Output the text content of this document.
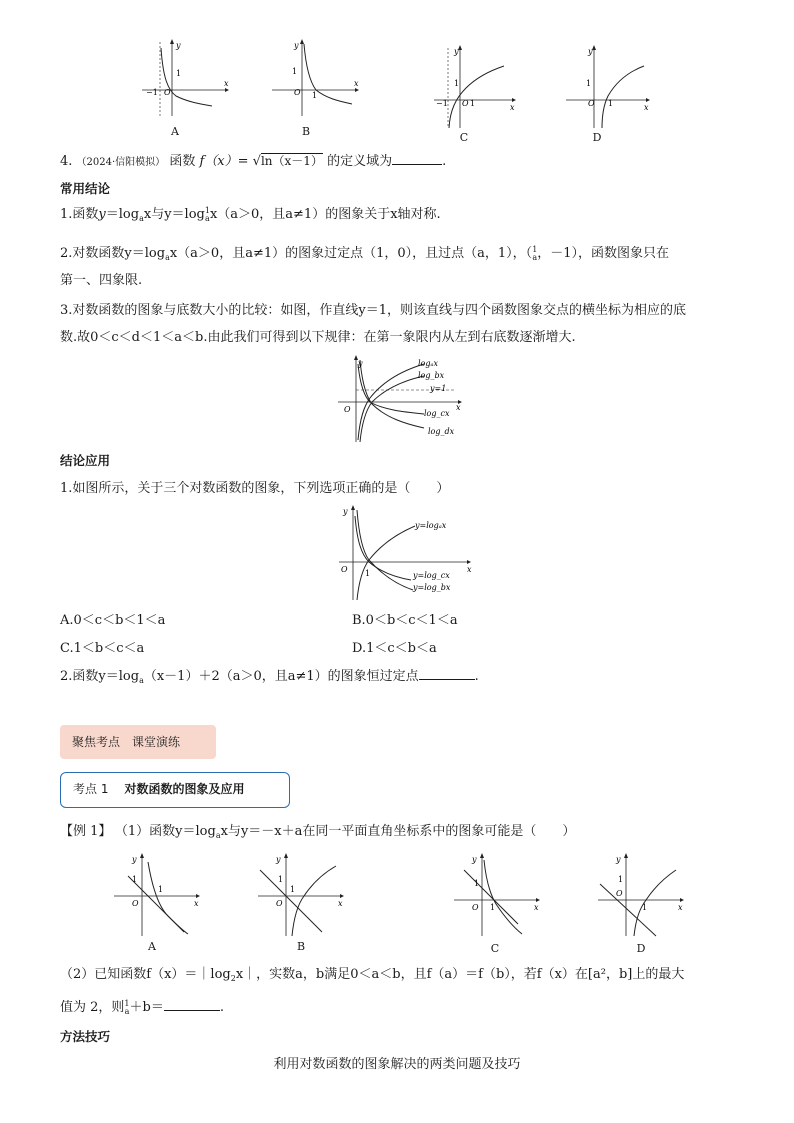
y
x
O
1
−1
A
y
x
O
1
1
B
y
x
O
1
−1	1
C
y
x
O
1
1
D
4. （2024·信阳模拟） 函数 f（x）= √ln（x－1） 的定义域为	.
常用结论
1.函数$y=\log_ax$与y＝log1
ax（a＞0，且a≠1）的图象关于x轴对称.
2.对数函数$y=\log_ax(a>0$，且a≠1）的图象过定点（1，0），且过点（a，1），（1
a，－1），函数图象只在
第一、四象限.
3.对数函数的图象与底数大小的比较：如图，作直线y＝1，则该直线与四个函数图象交点的横坐标为相应的底
数.故0＜c＜d＜1＜a＜b.由此我们可得到以下规律：在第一象限内从左到右底数逐渐增大.
y
x
O
logₐx
log_bx
y=1
log_cx
log_dx
结论应用
1.如图所示，关于三个对数函数的图象，下列选项正确的是（　　）
y
x
O 1
y=logₐx
y=log_cx
y=log_bx
A.0＜c＜b＜1＜a	B.0＜b＜c＜1＜a
C.1＜b＜c＜a	D.1＜c＜b＜a
2.函数$y=\log_a(x-1)+2(a>0$，且a≠1）的图象恒过定点	.
聚焦考点　课堂演练
考点 1 对数函数的图象及应用
【例 1】 （1）函数$y=\log_ax$与y＝－x＋a在同一平面直角坐标系中的图象可能是（　　）
y
x
O
1
1
A
y
x
O
1
1
B
y
x
O
1
1
C
y
x
O
1
1
D
（2）已知函数$f(x)=|\log_2x|$，实数a，b满足0＜a＜b，且f（a）＝f（b），若f（x）在[a²，b]上的最大
值为 2，则1
a＋b＝	.
方法技巧
利用对数函数的图象解决的两类问题及技巧
